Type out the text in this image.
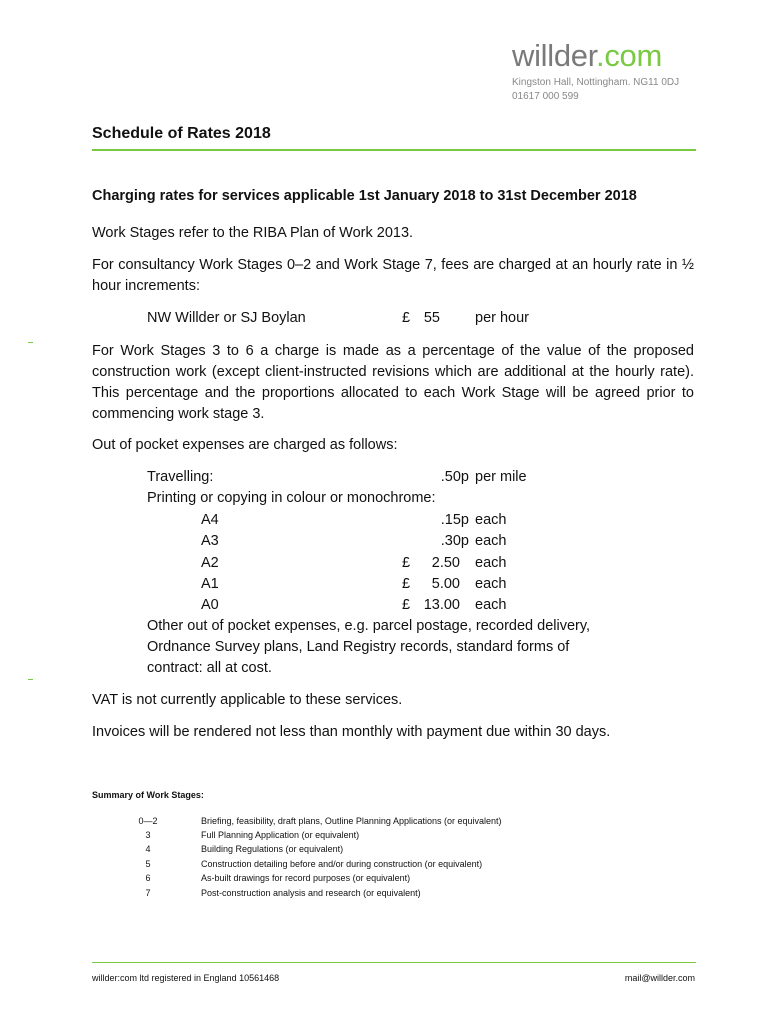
willder.com
Kingston Hall, Nottingham. NG11 0DJ
01617 000 599
Schedule of Rates 2018
Charging rates for services applicable 1st January 2018 to 31st December 2018
Work Stages refer to the RIBA Plan of Work 2013.
For consultancy Work Stages 0–2 and Work Stage 7, fees are charged at an hourly rate in ½ hour increments:
NW Willder or SJ Boylan	£ 55 per hour
For Work Stages 3 to 6 a charge is made as a percentage of the value of the proposed construction work (except client-instructed revisions which are additional at the hourly rate). This percentage and the proportions allocated to each Work Stage will be agreed prior to commencing work stage 3.
Out of pocket expenses are charged as follows:
Travelling:	.50p per mile
Printing or copying in colour or monochrome:
A4	.15p each
A3	.30p each
A2	£	2.50 each
A1	£	5.00 each
A0	£ 13.00 each
Other out of pocket expenses, e.g. parcel postage, recorded delivery,
Ordnance Survey plans, Land Registry records, standard forms of
contract: all at cost.
VAT is not currently applicable to these services.
Invoices will be rendered not less than monthly with payment due within 30 days.
Summary of Work Stages:
0—2	Briefing, feasibility, draft plans, Outline Planning Applications (or equivalent)
3	Full Planning Application (or equivalent)
4	Building Regulations (or equivalent)
5	Construction detailing before and/or during construction (or equivalent)
6	As-built drawings for record purposes (or equivalent)
7	Post-construction analysis and research (or equivalent)
willder:com ltd registered in England 10561468	mail@willder.com
